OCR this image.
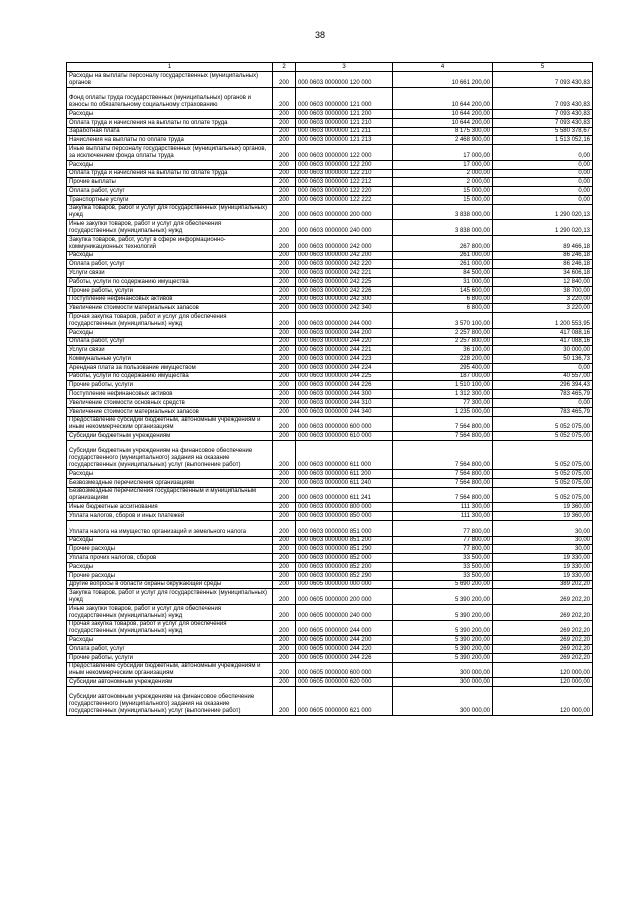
38
1	2	3	4	5
Расходы на выплаты персоналу государственных (муниципальных) органов	200	000 0603 0000000 120 000	10 661 200,00	7 093 430,83
Фонд оплаты труда государственных (муниципальных) органов и взносы по обязательному социальному страхованию	200	000 0603 0000000 121 000	10 644 200,00	7 093 430,83
Расходы	200	000 0603 0000000 121 200	10 644 200,00	7 093 430,83
Оплата труда и начисления на выплаты по оплате труда	200	000 0603 0000000 121 210	10 644 200,00	7 093 430,83
Заработная плата	200	000 0603 0000000 121 211	8 175 300,00	5 580 378,67
Начисления на выплаты по оплате труда	200	000 0603 0000000 121 213	2 468 900,00	1 513 052,16
Иные выплаты персоналу государственных (муниципальных) органов, за исключением фонда оплаты труда	200	000 0603 0000000 122 000	17 000,00	0,00
Расходы	200	000 0603 0000000 122 200	17 000,00	0,00
Оплата труда и начисления на выплаты по оплате труда	200	000 0603 0000000 122 210	2 000,00	0,00
Прочие выплаты	200	000 0603 0000000 122 212	2 000,00	0,00
Оплата работ, услуг	200	000 0603 0000000 122 220	15 000,00	0,00
Транспортные услуги	200	000 0603 0000000 122 222	15 000,00	0,00
Закупка товаров, работ и услуг для государственных (муниципальных) нужд	200	000 0603 0000000 200 000	3 838 000,00	1 290 020,13
Иные закупки товаров, работ и услуг для обеспечения государственных (муниципальных) нужд	200	000 0603 0000000 240 000	3 838 000,00	1 290 020,13
Закупка товаров, работ, услуг в сфере информационно-коммуникационных технологий	200	000 0603 0000000 242 000	267 800,00	89 466,18
Расходы	200	000 0603 0000000 242 200	261 000,00	86 246,18
Оплата работ, услуг	200	000 0603 0000000 242 220	261 000,00	86 246,18
Услуги связи	200	000 0603 0000000 242 221	84 500,00	34 606,18
Работы, услуги по содержанию имущества	200	000 0603 0000000 242 225	31 000,00	12 840,00
Прочие работы, услуги	200	000 0603 0000000 242 226	145 600,00	38 700,00
Поступление нефинансовых активов	200	000 0603 0000000 242 300	6 800,00	3 220,00
Увеличение стоимости материальных запасов	200	000 0603 0000000 242 340	6 800,00	3 220,00
Прочая закупка товаров, работ и услуг для обеспечения государственных (муниципальных) нужд	200	000 0603 0000000 244 000	3 570 100,00	1 200 553,95
Расходы	200	000 0603 0000000 244 200	2 257 800,00	417 088,16
Оплата работ, услуг	200	000 0603 0000000 244 220	2 257 800,00	417 088,16
Услуги связи	200	000 0603 0000000 244 221	36 100,00	30 000,00
Коммунальные услуги	200	000 0603 0000000 244 223	228 200,00	50 136,73
Арендная плата за пользование имуществом	200	000 0603 0000000 244 224	295 400,00	0,00
Работы, услуги по содержанию имущества	200	000 0603 0000000 244 225	187 000,00	40 557,00
Прочие работы, услуги	200	000 0603 0000000 244 226	1 510 100,00	296 394,43
Поступление нефинансовых активов	200	000 0603 0000000 244 300	1 312 300,00	783 465,79
Увеличение стоимости основных средств	200	000 0603 0000000 244 310	77 300,00	0,00
Увеличение стоимости материальных запасов	200	000 0603 0000000 244 340	1 235 000,00	783 465,79
Предоставление субсидий бюджетным, автономным учреждениям и иным некоммерческим организациям	200	000 0603 0000000 600 000	7 564 800,00	5 052 075,00
Субсидии бюджетным учреждениям	200	000 0603 0000000 610 000	7 564 800,00	5 052 075,00
Субсидии бюджетным учреждениям на финансовое обеспечение государственного (муниципального) задания на оказание государственных (муниципальных) услуг (выполнение работ)	200	000 0603 0000000 611 000	7 564 800,00	5 052 075,00
Расходы	200	000 0603 0000000 611 200	7 564 800,00	5 052 075,00
Безвозмездные перечисления организациям	200	000 0603 0000000 611 240	7 564 800,00	5 052 075,00
Безвозмездные перечисления государственным и муниципальным организациям	200	000 0603 0000000 611 241	7 564 800,00	5 052 075,00
Иные бюджетные ассигнования	200	000 0603 0000000 800 000	111 300,00	19 360,00
Уплата налогов, сборов и иных платежей	200	000 0603 0000000 850 000	111 300,00	19 360,00
Уплата налога на имущество организаций и земельного налога	200	000 0603 0000000 851 000	77 800,00	30,00
Расходы	200	000 0603 0000000 851 200	77 800,00	30,00
Прочие расходы	200	000 0603 0000000 851 290	77 800,00	30,00
Уплата прочих налогов, сборов	200	000 0603 0000000 852 000	33 500,00	19 330,00
Расходы	200	000 0603 0000000 852 200	33 500,00	19 330,00
Прочие расходы	200	000 0603 0000000 852 290	33 500,00	19 330,00
Другие вопросы в области охраны окружающей среды	200	000 0605 0000000 000 000	5 690 200,00	389 202,20
Закупка товаров, работ и услуг для государственных (муниципальных) нужд	200	000 0605 0000000 200 000	5 390 200,00	269 202,20
Иные закупки товаров, работ и услуг для обеспечения государственных (муниципальных) нужд	200	000 0605 0000000 240 000	5 390 200,00	269 202,20
Прочая закупка товаров, работ и услуг для обеспечения государственных (муниципальных) нужд	200	000 0605 0000000 244 000	5 390 200,00	269 202,20
Расходы	200	000 0605 0000000 244 200	5 390 200,00	269 202,20
Оплата работ, услуг	200	000 0605 0000000 244 220	5 390 200,00	269 202,20
Прочие работы, услуги	200	000 0605 0000000 244 226	5 390 200,00	269 202,20
Предоставление субсидий бюджетным, автономным учреждениям и иным некоммерческим организациям	200	000 0605 0000000 600 000	300 000,00	120 000,00
Субсидии автономным учреждениям	200	000 0605 0000000 620 000	300 000,00	120 000,00
Субсидии автономным учреждениям на финансовое обеспечение государственного (муниципального) задания на оказание государственных (муниципальных) услуг (выполнение работ)	200	000 0605 0000000 621 000	300 000,00	120 000,00
